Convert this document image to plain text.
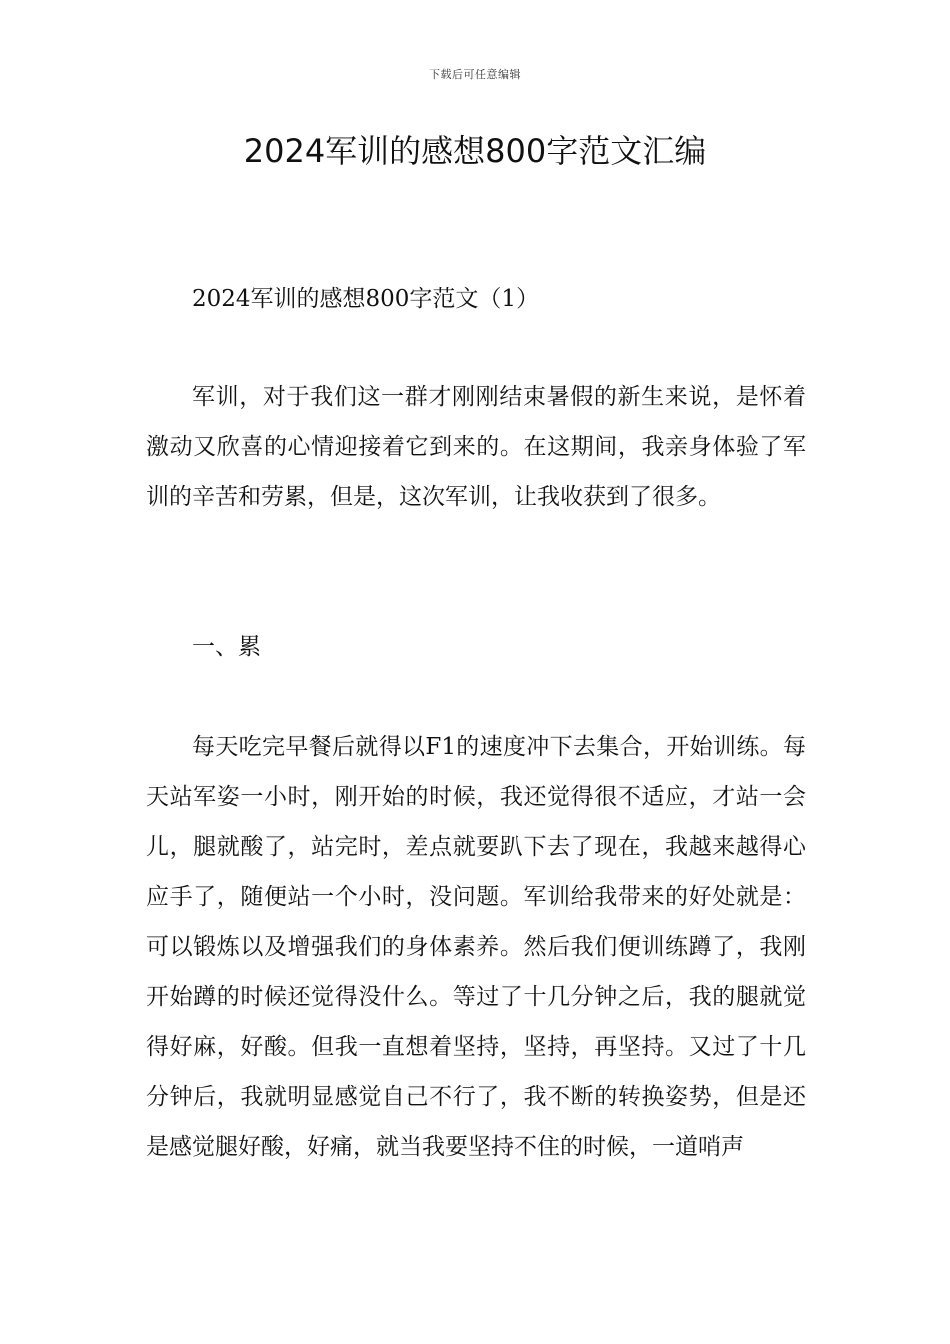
下载后可任意编辑
2024军训的感想800字范文汇编

2024军训的感想800字范文（1）

军训，对于我们这一群才刚刚结束暑假的新生来说，是怀着激动又欣喜的心情迎接着它到来的。在这期间，我亲身体验了军训的辛苦和劳累，但是，这次军训，让我收获到了很多。

一、累

每天吃完早餐后就得以F1的速度冲下去集合，开始训练。每天站军姿一小时，刚开始的时候，我还觉得很不适应，才站一会儿，腿就酸了，站完时，差点就要趴下去了现在，我越来越得心应手了，随便站一个小时，没问题。军训给我带来的好处就是：可以锻炼以及增强我们的身体素养。然后我们便训练蹲了，我刚开始蹲的时候还觉得没什么。等过了十几分钟之后，我的腿就觉得好麻，好酸。但我一直想着坚持，坚持，再坚持。又过了十几分钟后，我就明显感觉自己不行了，我不断的转换姿势，但是还是感觉腿好酸，好痛，就当我要坚持不住的时候，一道哨声
